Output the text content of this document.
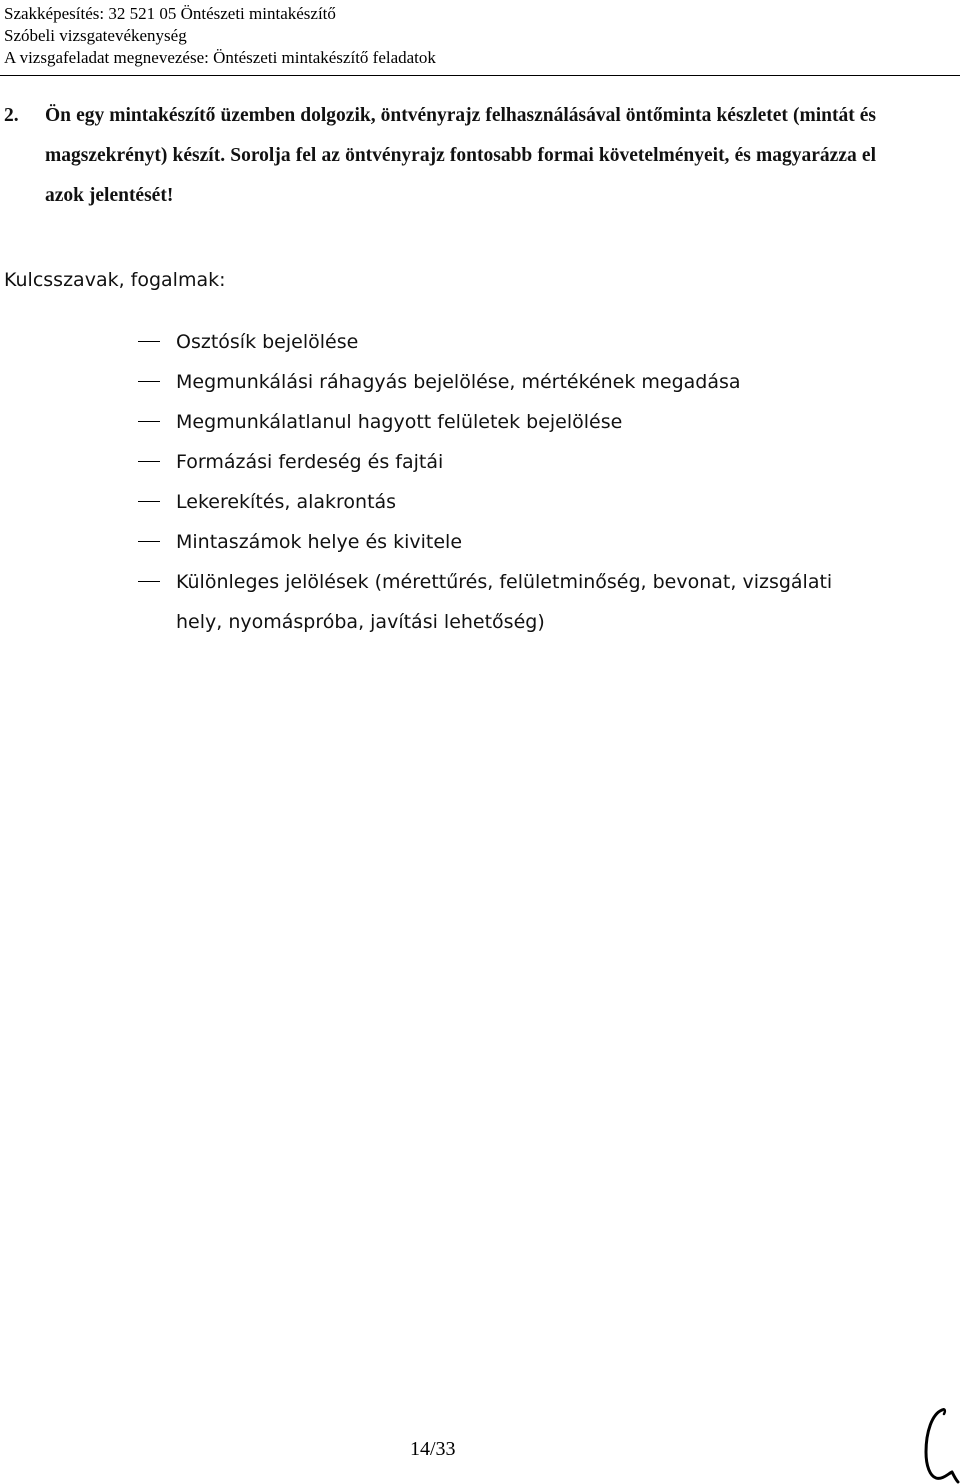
Szakképesítés: 32 521 05 Öntészeti mintakészítő
Szóbeli vizsgatevékenység
A vizsgafeladat megnevezése: Öntészeti mintakészítő feladatok
2. Ön egy mintakészítő üzemben dolgozik, öntvényrajz felhasználásával öntőminta készletet (mintát és magszekrényt) készít. Sorolja fel az öntvényrajz fontosabb formai követelményeit, és magyarázza el azok jelentését!
Kulcsszavak, fogalmak:
Osztósík bejelölése
Megmunkálási ráhagyás bejelölése, mértékének megadása
Megmunkálatlanul hagyott felületek bejelölése
Formázási ferdeség és fajtái
Lekerekítés, alakrontás
Mintaszámok helye és kivitele
Különleges jelölések (mérettűrés, felületminőség, bevonat, vizsgálati hely, nyomáspróba, javítási lehetőség)
14/33
